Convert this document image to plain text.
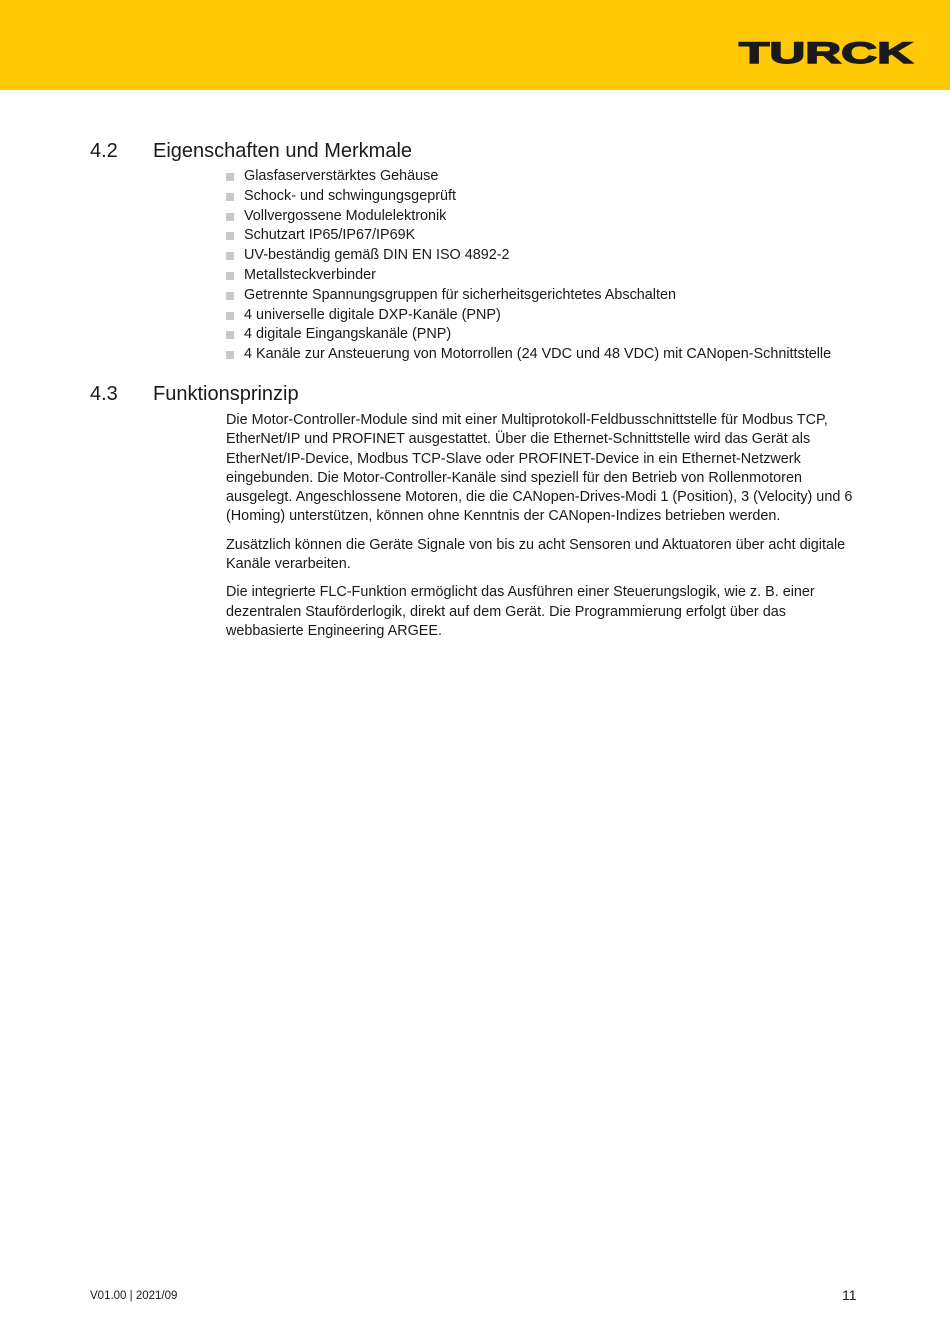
TURCK
4.2 Eigenschaften und Merkmale
Glasfaserverstärktes Gehäuse
Schock- und schwingungsgeprüft
Vollvergossene Modulelektronik
Schutzart IP65/IP67/IP69K
UV-beständig gemäß DIN EN ISO 4892-2
Metallsteckverbinder
Getrennte Spannungsgruppen für sicherheitsgerichtetes Abschalten
4 universelle digitale DXP-Kanäle (PNP)
4 digitale Eingangskanäle (PNP)
4 Kanäle zur Ansteuerung von Motorrollen (24 VDC und 48 VDC) mit CANopen-Schnittstelle
4.3 Funktionsprinzip

Die Motor-Controller-Module sind mit einer Multiprotokoll-Feldbusschnittstelle für Modbus TCP, EtherNet/IP und PROFINET ausgestattet. Über die Ethernet-Schnittstelle wird das Gerät als EtherNet/IP-Device, Modbus TCP-Slave oder PROFINET-Device in ein Ethernet-Netzwerk eingebunden. Die Motor-Controller-Kanäle sind speziell für den Betrieb von Rollenmotoren ausgelegt. Angeschlossene Motoren, die die CANopen-Drives-Modi 1 (Position), 3 (Velocity) und 6 (Homing) unterstützen, können ohne Kenntnis der CANopen-Indizes betrieben werden.

Zusätzlich können die Geräte Signale von bis zu acht Sensoren und Aktuatoren über acht digitale Kanäle verarbeiten.

Die integrierte FLC-Funktion ermöglicht das Ausführen einer Steuerungslogik, wie z. B. einer dezentralen Stauförderlogik, direkt auf dem Gerät. Die Programmierung erfolgt über das webbasierte Engineering ARGEE.

V01.00 | 2021/09	11
